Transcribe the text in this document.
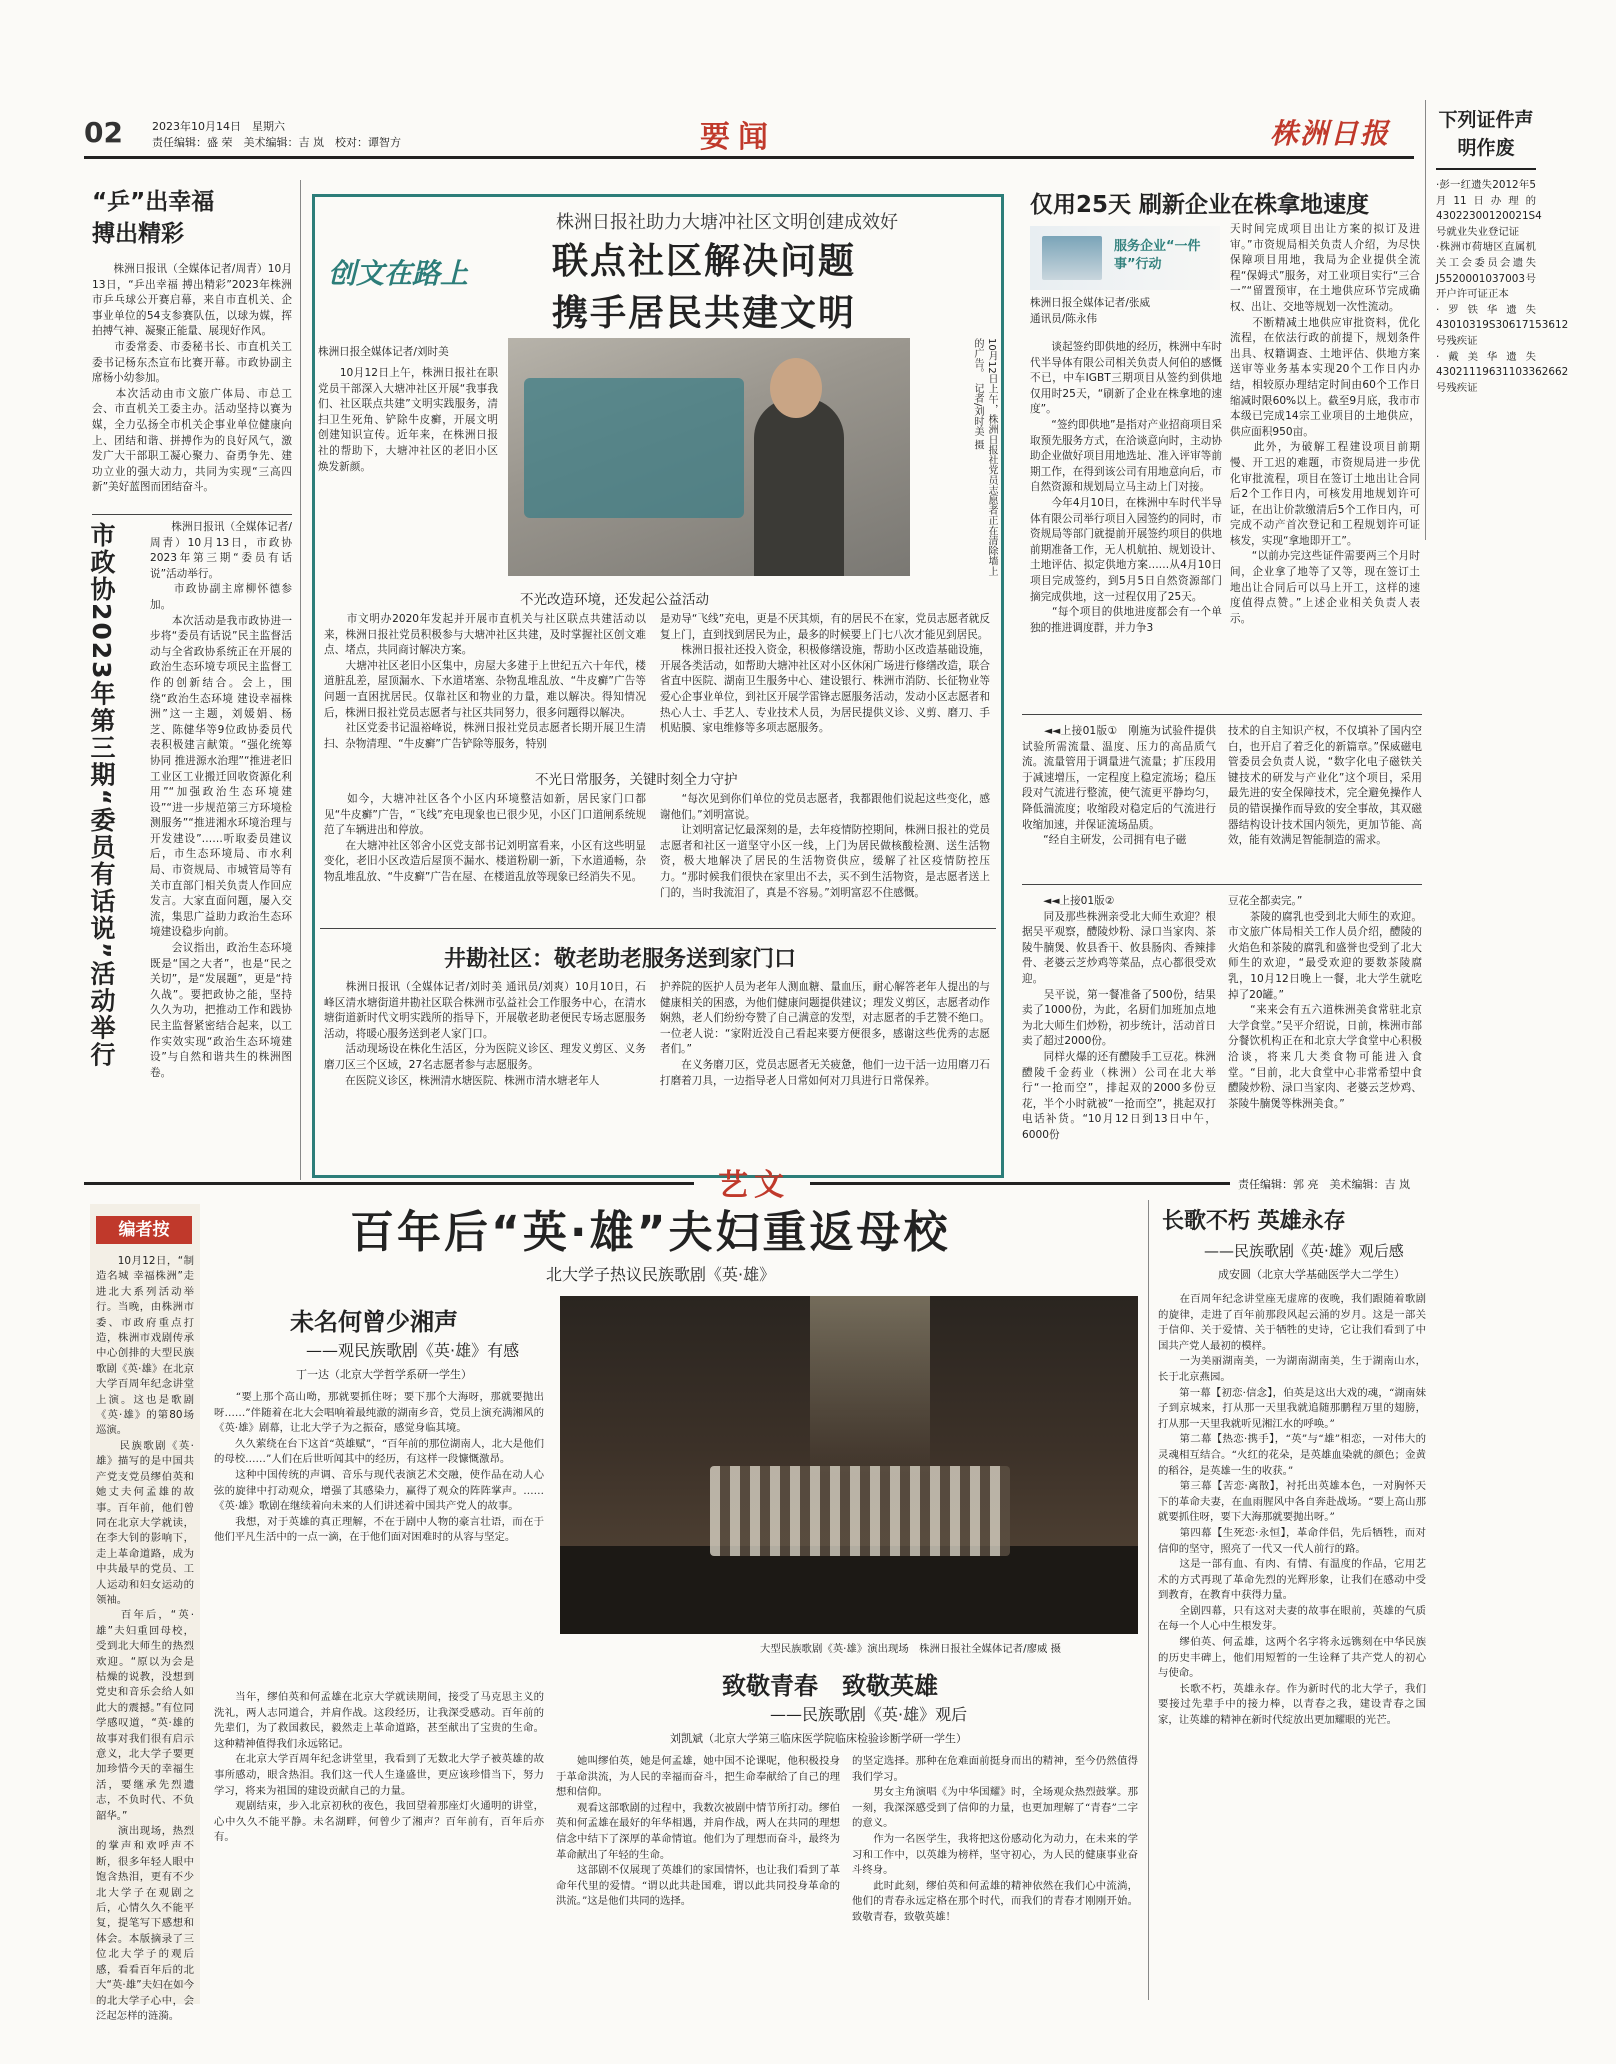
02	2023年10月14日　星期六
责任编辑：盛 荣　美术编辑：吉 岚　校对：谭智方	要闻	株洲日报	下列证件声明作废

·彭一红遗失2012年5月11日办理的43022300120021S4号就业失业登记证
·株洲市荷塘区直属机关工会委员会遗失J5520001037003号开户许可证正本
·罗铁华遗失43010319S30617153612号残疾证
·戴美华遗失43021119631103362662号残疾证

“乒”出幸福
搏出精彩

　　株洲日报讯（全媒体记者/周青）10月13日，“乒出幸福 搏出精彩”2023年株洲市乒乓球公开赛启幕，来自市直机关、企事业单位的54支参赛队伍，以球为媒，挥拍搏气神、凝聚正能量、展现好作风。
　　市委常委、市委秘书长、市直机关工委书记杨东杰宣布比赛开幕。市政协副主席杨小幼参加。
　　本次活动由市文旅广体局、市总工会、市直机关工委主办。活动坚持以赛为媒，全力弘扬全市机关企事业单位健康向上、团结和谐、拼搏作为的良好风气，激发广大干部职工凝心聚力、奋勇争先、建功立业的强大动力，共同为实现“三高四新”美好蓝图而团结奋斗。

市政协2023年第三期“委员有话说”活动举行	　　株洲日报讯（全媒体记者/周青）10月13日，市政协2023年第三期“委员有话说”活动举行。
　　市政协副主席柳怀德参加。
　　本次活动是我市政协进一步将“委员有话说”民主监督活动与全省政协系统正在开展的政治生态环境专项民主监督工作的创新结合。会上，围绕“政治生态环境 建设幸福株洲”这一主题，刘媛娟、杨芝、陈健华等9位政协委员代表积极建言献策。“强化统筹协同 推进源水治理”“推进老旧工业区工业搬迁回收资源化利用”“加强政治生态环境建设”“进一步规范第三方环境检测服务”“推进湘水环境治理与开发建设”……听取委员建议后，市生态环境局、市水利局、市资规局、市城管局等有关市直部门相关负责人作回应发言。大家直面问题，屡入交流，集思广益助力政治生态环境建设稳步向前。
　　会议指出，政治生态环境既是“国之大者”，也是“民之关切”，是“发展题”，更是“持久战”。要把政协之能，坚持久久为功，把推动工作和践协民主监督紧密结合起来，以工作实效实现“政治生态环境建设”与自然和谐共生的株洲图卷。

创文在路上
株洲日报社助力大塘冲社区文明创建成效好
联点社区解决问题
携手居民共建文明
株洲日报全媒体记者/刘时美

　　10月12日上午，株洲日报社在职党员干部深入大塘冲社区开展“我事我们、社区联点共建”文明实践服务，清扫卫生死角、铲除牛皮癣，开展文明创建知识宣传。近年来，在株洲日报社的帮助下，大塘冲社区的老旧小区焕发新颜。	10月12日上午，株洲日报社党员志愿者正在清除墙上的广告。　记者/刘时美 摄

不光改造环境，还发起公益活动

　　市文明办2020年发起并开展市直机关与社区联点共建活动以来，株洲日报社党员积极参与大塘冲社区共建，及时掌握社区创文难点、堵点，共同商讨解决方案。
　　大塘冲社区老旧小区集中，房屋大多建于上世纪五六十年代，楼道脏乱差，屋顶漏水、下水道堵塞、杂物乱堆乱放、“牛皮癣”广告等问题一直困扰居民。仅靠社区和物业的力量，难以解决。得知情况后，株洲日报社党员志愿者与社区共同努力，很多问题得以解决。
　　社区党委书记温裕峰说，株洲日报社党员志愿者长期开展卫生清扫、杂物清理、“牛皮癣”广告铲除等服务，特别

是劝导“飞线”充电，更是不厌其烦，有的居民不在家，党员志愿者就反复上门，直到找到居民为止，最多的时候要上门七八次才能见到居民。
　　株洲日报社还投入资金，积极修缮设施，帮助小区改造基础设施，开展各类活动，如帮助大塘冲社区对小区休闲广场进行修缮改造，联合省直中医院、湖南卫生服务中心、建设银行、株洲市消防、长征物业等爱心企事业单位，到社区开展学雷锋志愿服务活动，发动小区志愿者和热心人士、手艺人、专业技术人员，为居民提供义诊、义剪、磨刀、手机贴膜、家电维修等多项志愿服务。

不光日常服务，关键时刻全力守护

　　如今，大塘冲社区各个小区内环境整洁如新，居民家门口都见“牛皮癣”广告，“飞线”充电现象也已很少见，小区门口道闸系统规范了车辆进出和停放。
　　在大塘冲社区邻舍小区党支部书记刘明富看来，小区有这些明显变化，老旧小区改造后屋顶不漏水、楼道粉刷一新，下水道通畅，杂物乱堆乱放、“牛皮癣”广告在屋、在楼道乱放等现象已经消失不见。

　　“每次见到你们单位的党员志愿者，我都跟他们说起这些变化，感谢他们。”刘明富说。
　　让刘明富记忆最深刻的是，去年疫情防控期间，株洲日报社的党员志愿者和社区一道坚守小区一线，上门为居民做核酸检测、送生活物资，极大地解决了居民的生活物资供应，缓解了社区疫情防控压力。“那时候我们很快在家里出不去，买不到生活物资，是志愿者送上门的，当时我流泪了，真是不容易。”刘明富忍不住感慨。

井勘社区：敬老助老服务送到家门口

　　株洲日报讯（全媒体记者/刘时美 通讯员/刘爽）10月10日，石峰区清水塘街道井勘社区联合株洲市弘益社会工作服务中心，在清水塘街道新时代文明实践所的指导下，开展敬老助老便民专场志愿服务活动，将暖心服务送到老人家门口。
　　活动现场设在株化生活区，分为医院义诊区、理发义剪区、义务磨刀区三个区域，27名志愿者参与志愿服务。
　　在医院义诊区，株洲清水塘医院、株洲市清水塘老年人

护养院的医护人员为老年人测血糖、量血压，耐心解答老年人提出的与健康相关的困惑，为他们健康问题提供建议；理发义剪区，志愿者动作娴熟，老人们纷纷夸赞了自己满意的发型，对志愿者的手艺赞不绝口。一位老人说：“家附近没自己看起来要方便很多，感谢这些优秀的志愿者们。”
　　在义务磨刀区，党员志愿者无关疲惫，他们一边干活一边用磨刀石打磨着刀具，一边指导老人日常如何对刀具进行日常保养。

仅用25天 刷新企业在株拿地速度
服务企业“一件事”行动
株洲日报全媒体记者/张威
通讯员/陈永伟

　　谈起签约即供地的经历，株洲中车时代半导体有限公司相关负责人何伯的感慨不已，中车IGBT三期项目从签约到供地仅用时25天，“刷新了企业在株拿地的速度”。
　　“签约即供地”是指对产业招商项目采取预先服务方式，在洽谈意向时，主动协助企业做好项目用地选址、准入评审等前期工作，在得到该公司有用地意向后，市自然资源和规划局立马主动上门对接。
　　今年4月10日，在株洲中车时代半导体有限公司举行项目入园签约的同时，市资规局等部门就提前开展签约项目的供地前期准备工作，无人机航拍、规划设计、土地评估、拟定供地方案……从4月10日项目完成签约，到5月5日自然资源部门摘完成供地，这一过程仅用了25天。
　　“每个项目的供地进度都会有一个单独的推进调度群，并力争3

天时间完成项目出让方案的拟订及进审。”市资规局相关负责人介绍，为尽快保障项目用地，我局为企业提供全流程“保姆式”服务，对工业项目实行“三合一”“留置预审，在土地供应环节完成确权、出让、交地等规划一次性流动。
　　不断精减土地供应审批资料，优化流程，在依法行政的前提下，规划条件出具、权籍调查、土地评估、供地方案送审等业务基本实现20个工作日内办结，相较原办理结定时间由60个工作日缩减时限60%以上。截至9月底，我市市本级已完成14宗工业项目的土地供应，供应面积950亩。
　　此外，为破解工程建设项目前期慢、开工迟的难题，市资规局进一步优化审批流程，项目在签订土地出让合同后2个工作日内，可核发用地规划许可证，在出让价款缴清后5个工作日内，可完成不动产首次登记和工程规划许可证核发，实现“拿地即开工”。
　　“以前办完这些证件需要两三个月时间，企业拿了地等了又等，现在签订土地出让合同后可以马上开工，这样的速度值得点赞。”上述企业相关负责人表示。

　　◄◄上接01版①　刚施为试验件提供试验所需流量、温度、压力的高品质气流。流量管用于调量进气流量；扩压段用于减速增压，一定程度上稳定流场；稳压段对气流进行整流，使气流更平静均匀，降低湍流度；收缩段对稳定后的气流进行收缩加速，并保证流场品质。
　　“经自主研发，公司拥有电子磁

技术的自主知识产权，不仅填补了国内空白，也开启了着乏化的新篇章。”保威磁电管委员会负责人说，“数字化电子磁铁关键技术的研发与产业化”这个项目，采用最先进的安全保障技术，完全避免操作人员的错误操作而导致的安全事故，其双磁器结构设计技术国内领先，更加节能、高效，能有效满足智能制造的需求。

　　◄◄上接01版②
　　同及那些株洲亲受北大师生欢迎？根据吴平观察，醴陵炒粉、渌口当家肉、茶陵牛腩煲、攸县香干、攸县肠肉、香辣排骨、老婆云芝炒鸡等菜品，点心都很受欢迎。
　　吴平说，第一餐准备了500份，结果卖了1000份，为此，名厨们加班加点地为北大师生们炒粉，初步统计，活动首日卖了超过2000份。
　　同样火爆的还有醴陵手工豆花。株洲醴陵千金药业（株洲）公司在北大举行“一抢而空”，排起双的2000多份豆花，半个小时就被“一抢而空”，挑起双打电话补货。“10月12日到13日中午，6000份

豆花全都卖完。”
　　茶陵的腐乳也受到北大师生的欢迎。市文旅广体局相关工作人员介绍，醴陵的火焰色和茶陵的腐乳和盛誉也受到了北大师生的欢迎，“最受欢迎的要数茶陵腐乳，10月12日晚上一餐，北大学生就吃掉了20罐。”
　　“来来会有五六道株洲美食常驻北京大学食堂。”吴平介绍说，日前，株洲市部分餐饮机构正在和北京大学食堂中心积极洽谈，将来几大类食物可能进入食堂。“目前，北大食堂中心非常希望中食醴陵炒粉、渌口当家肉、老婆云芝炒鸡、茶陵牛腩煲等株洲美食。”

艺文	责任编辑：郭 亮　美术编辑：吉 岚
编者按

　　10月12日，“制造名城 幸福株洲”走进北大系列活动举行。当晚，由株洲市委、市政府重点打造，株洲市戏剧传承中心创排的大型民族歌剧《英·雄》在北京大学百周年纪念讲堂上演。这也是歌剧《英·雄》的第80场巡演。
　　民族歌剧《英·雄》描写的是中国共产党支党员缪伯英和她丈夫何孟雄的故事。百年前，他们曾同在北京大学就读，在李大钊的影响下，走上革命道路，成为中共最早的党员、工人运动和妇女运动的领袖。
　　百年后，“英·雄”夫妇重回母校，受到北大师生的热烈欢迎。“原以为会是枯燥的说教，没想到党史和音乐会给人如此大的震撼。”有位同学感叹道，“英·雄的故事对我们很有启示意义，北大学子要更加珍惜今天的幸福生活，要继承先烈遗志，不负时代、不负韶华。”
　　演出现场，热烈的掌声和欢呼声不断，很多年轻人眼中饱含热泪，更有不少北大学子在观剧之后，心情久久不能平复，提笔写下感想和体会。本版摘录了三位北大学子的观后感，看看百年后的北大“英·雄”夫妇在如今的北大学子心中，会泛起怎样的涟漪。

百年后“英·雄”夫妇重返母校
北大学子热议民族歌剧《英·雄》
未名何曾少湘声
——观民族歌剧《英·雄》有感
丁一达（北京大学哲学系研一学生）

　　“要上那个高山呦，那就要抓住呀；要下那个大海呀，那就要抛出呀……”伴随着在北大会唱响着最纯澈的湖南乡音，党员上演充满湘风的《英·雄》剧幕，让北大学子为之振奋，感觉身临其境。
　　久久萦绕在台下这首“英雄赋”，“百年前的那位湖南人，北大是他们的母校……”人们在后世听闻其中的经历，有这样一段慷慨激昂。
　　这种中国传统的声调、音乐与现代表演艺术交融，使作品在动人心弦的旋律中打动观众，增强了其感染力，赢得了观众的阵阵掌声。……《英·雄》歌剧在继续着向未来的人们讲述着中国共产党人的故事。
　　我想，对于英雄的真正理解，不在于剧中人物的豪言壮语，而在于他们平凡生活中的一点一滴，在于他们面对困难时的从容与坚定。

　　当年，缪伯英和何孟雄在北京大学就读期间，接受了马克思主义的洗礼，两人志同道合，并肩作战。这段经历，让我深受感动。百年前的先辈们，为了救国救民，毅然走上革命道路，甚至献出了宝贵的生命。这种精神值得我们永远铭记。
　　在北京大学百周年纪念讲堂里，我看到了无数北大学子被英雄的故事所感动，眼含热泪。我们这一代人生逢盛世，更应该珍惜当下，努力学习，将来为祖国的建设贡献自己的力量。
　　观剧结束，步入北京初秋的夜色，我回望着那座灯火通明的讲堂，心中久久不能平静。未名湖畔，何曾少了湘声？百年前有，百年后亦有。

大型民族歌剧《英·雄》演出现场　株洲日报社全媒体记者/廖威 摄
致敬青春　致敬英雄
——民族歌剧《英·雄》观后
刘凯斌（北京大学第三临床医学院临床检验诊断学研一学生）

　　她叫缪伯英，她是何孟雄，她中国不论课呢，他积极投身于革命洪流，为人民的幸福而奋斗，把生命奉献给了自己的理想和信仰。
　　观看这部歌剧的过程中，我数次被剧中情节所打动。缪伯英和何孟雄在最好的年华相遇，并肩作战，两人在共同的理想信念中结下了深厚的革命情谊。他们为了理想而奋斗，最终为革命献出了年轻的生命。
　　这部剧不仅展现了英雄们的家国情怀，也让我们看到了革命年代里的爱情。“谓以此共赴国难，谓以此共同投身革命的洪流。”这是他们共同的选择。

的坚定选择。那种在危难面前挺身而出的精神，至今仍然值得我们学习。
　　男女主角演唱《为中华国耀》时，全场观众热烈鼓掌。那一刻，我深深感受到了信仰的力量，也更加理解了“青春”二字的意义。
　　作为一名医学生，我将把这份感动化为动力，在未来的学习和工作中，以英雄为榜样，坚守初心，为人民的健康事业奋斗终身。
　　此时此刻，缪伯英和何孟雄的精神依然在我们心中流淌，他们的青春永远定格在那个时代，而我们的青春才刚刚开始。致敬青春，致敬英雄！

长歌不朽 英雄永存
——民族歌剧《英·雄》观后感
成安圆（北京大学基础医学大二学生）

　　在百周年纪念讲堂座无虚席的夜晚，我们跟随着歌剧的旋律，走进了百年前那段风起云涌的岁月。这是一部关于信仰、关于爱情、关于牺牲的史诗，它让我们看到了中国共产党人最初的模样。
　　一为美丽湖南美，一为湖南湖南美，生于湖南山水，长于北京燕园。
　　第一幕【初恋·信念】，伯英是这出大戏的魂，“湖南妹子到京城来，打从那一天里我就追随那鹏程万里的翅膀，打从那一天里我就听见湘江水的呼唤。”
　　第二幕【热恋·携手】，“英”与“雄”相恋，一对伟大的灵魂相互结合。“火红的花朵，是英雄血染就的颜色；金黄的稻谷，是英雄一生的收获。”
　　第三幕【苦恋·离散】，衬托出英雄本色，一对胸怀天下的革命夫妻，在血雨腥风中各自奔赴战场。“要上高山那就要抓住呀，要下大海那就要抛出呀。”
　　第四幕【生死恋·永恒】，革命伴侣，先后牺牲，而对信仰的坚守，照亮了一代又一代人前行的路。
　　这是一部有血、有肉、有情、有温度的作品，它用艺术的方式再现了革命先烈的光辉形象，让我们在感动中受到教育，在教育中获得力量。
　　全剧四幕，只有这对夫妻的故事在眼前，英雄的气质在每一个人心中生根发芽。
　　缪伯英、何孟雄，这两个名字将永远镌刻在中华民族的历史丰碑上，他们用短暂的一生诠释了共产党人的初心与使命。
　　长歌不朽，英雄永存。作为新时代的北大学子，我们要接过先辈手中的接力棒，以青春之我，建设青春之国家，让英雄的精神在新时代绽放出更加耀眼的光芒。
